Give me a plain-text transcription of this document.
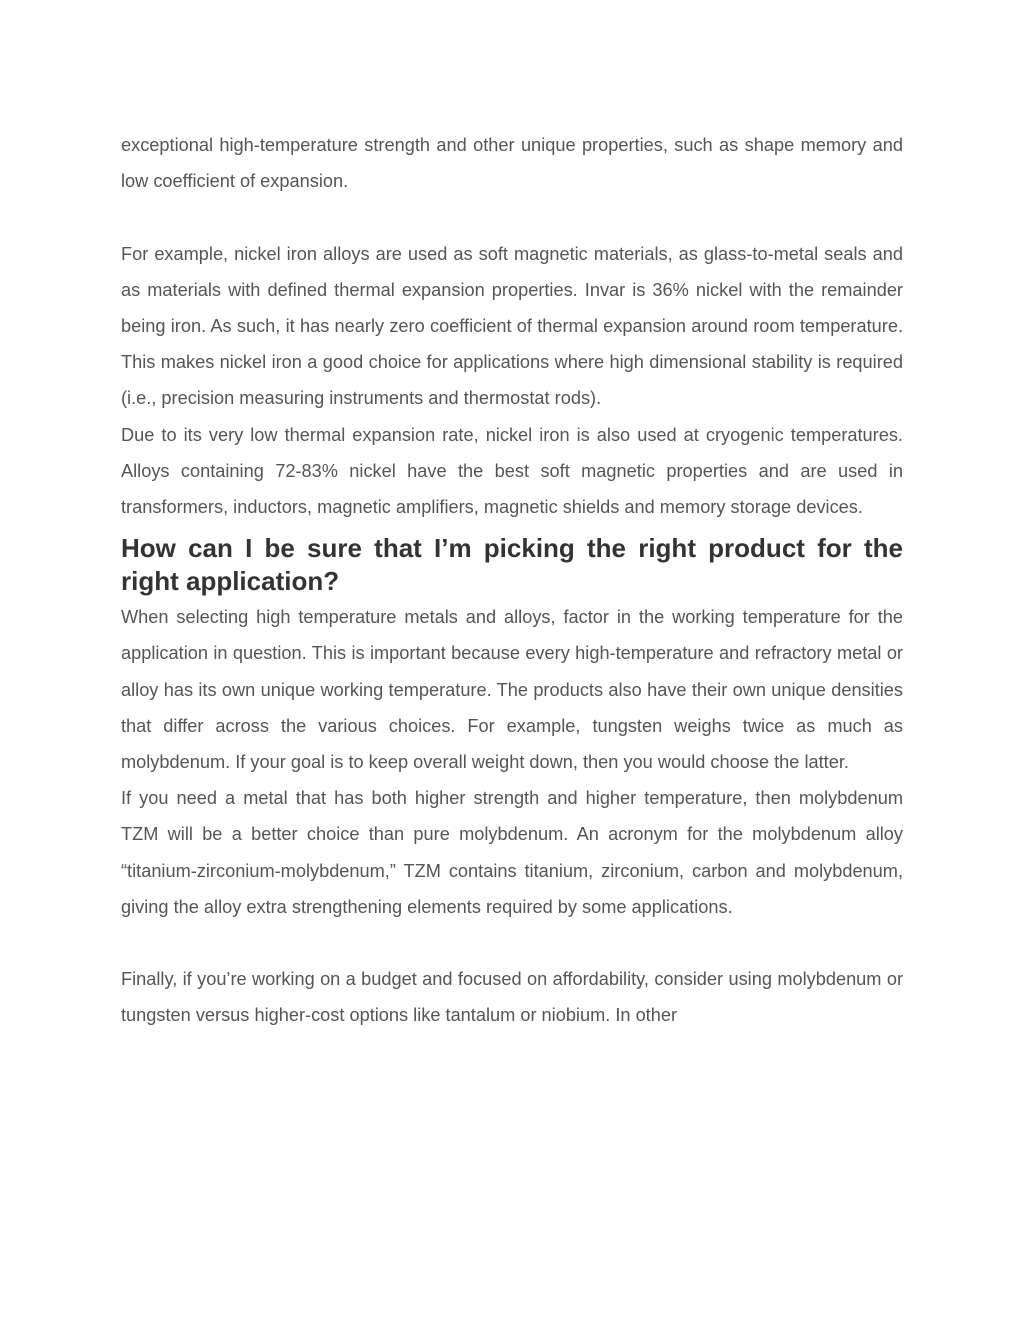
exceptional high-temperature strength and other unique properties, such as shape memory and low coefficient of expansion.

For example, nickel iron alloys are used as soft magnetic materials, as glass-to-metal seals and as materials with defined thermal expansion properties. Invar is 36% nickel with the remainder being iron. As such, it has nearly zero coefficient of thermal expansion around room temperature. This makes nickel iron a good choice for applications where high dimensional stability is required (i.e., precision measuring instruments and thermostat rods).

Due to its very low thermal expansion rate, nickel iron is also used at cryogenic temperatures. Alloys containing 72-83% nickel have the best soft magnetic properties and are used in transformers, inductors, magnetic amplifiers, magnetic shields and memory storage devices.

How can I be sure that I’m picking the right product for the right application?

When selecting high temperature metals and alloys, factor in the working temperature for the application in question. This is important because every high-temperature and refractory metal or alloy has its own unique working temperature. The products also have their own unique densities that differ across the various choices. For example, tungsten weighs twice as much as molybdenum. If your goal is to keep overall weight down, then you would choose the latter.

If you need a metal that has both higher strength and higher temperature, then molybdenum TZM will be a better choice than pure molybdenum. An acronym for the molybdenum alloy “titanium-zirconium-molybdenum,” TZM contains titanium, zirconium, carbon and molybdenum, giving the alloy extra strengthening elements required by some applications.

Finally, if you’re working on a budget and focused on affordability, consider using molybdenum or tungsten versus higher-cost options like tantalum or niobium. In other
